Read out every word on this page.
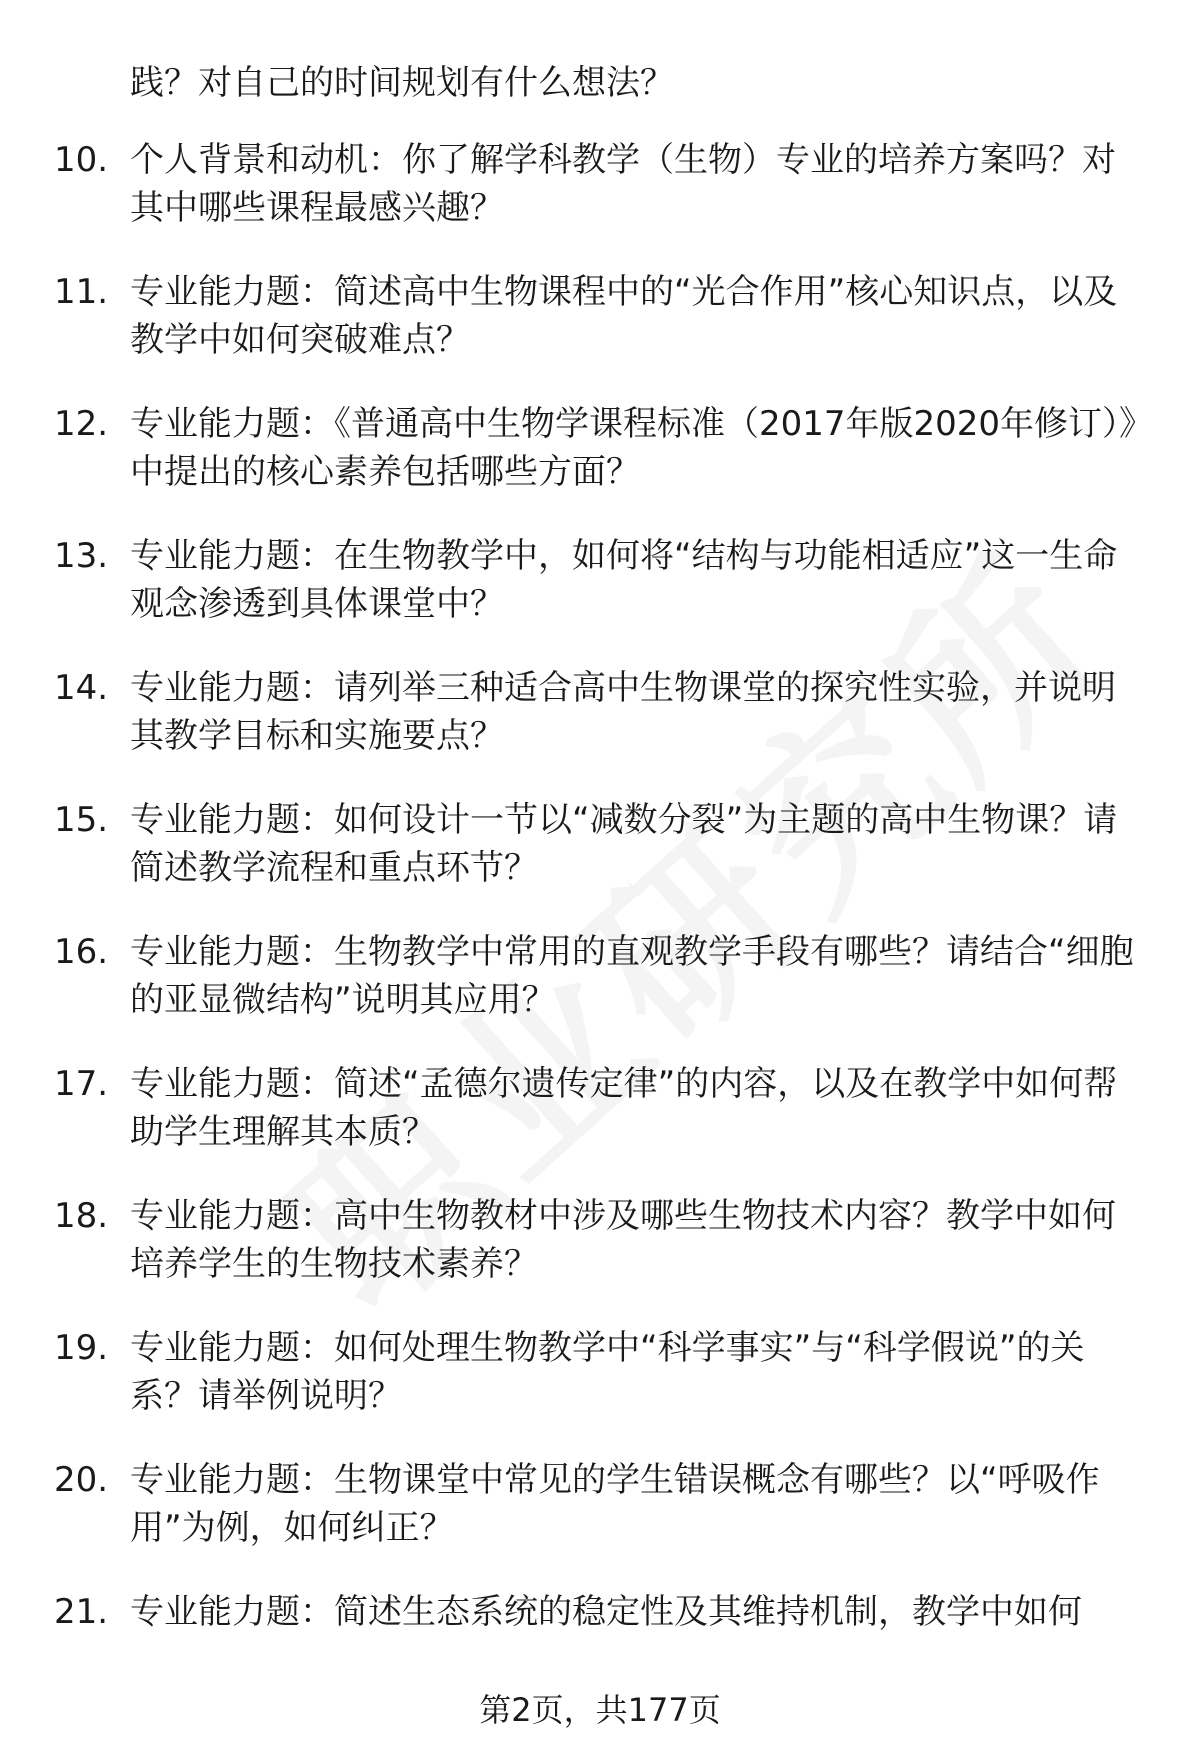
践？对自己的时间规划有什么想法？
10. 个人背景和动机：你了解学科教学（生物）专业的培养方案吗？对其中哪些课程最感兴趣？
11. 专业能力题：简述高中生物课程中的“光合作用”核心知识点，以及教学中如何突破难点？
12. 专业能力题：《普通高中生物学课程标准（2017年版2020年修订）》中提出的核心素养包括哪些方面？
13. 专业能力题：在生物教学中，如何将“结构与功能相适应”这一生命观念渗透到具体课堂中？
14. 专业能力题：请列举三种适合高中生物课堂的探究性实验，并说明其教学目标和实施要点？
15. 专业能力题：如何设计一节以“减数分裂”为主题的高中生物课？请简述教学流程和重点环节？
16. 专业能力题：生物教学中常用的直观教学手段有哪些？请结合“细胞的亚显微结构”说明其应用？
17. 专业能力题：简述“孟德尔遗传定律”的内容，以及在教学中如何帮助学生理解其本质？
18. 专业能力题：高中生物教材中涉及哪些生物技术内容？教学中如何培养学生的生物技术素养？
19. 专业能力题：如何处理生物教学中“科学事实”与“科学假说”的关系？请举例说明？
20. 专业能力题：生物课堂中常见的学生错误概念有哪些？以“呼吸作用”为例，如何纠正？
21. 专业能力题：简述生态系统的稳定性及其维持机制，教学中如何
第2页，共177页
